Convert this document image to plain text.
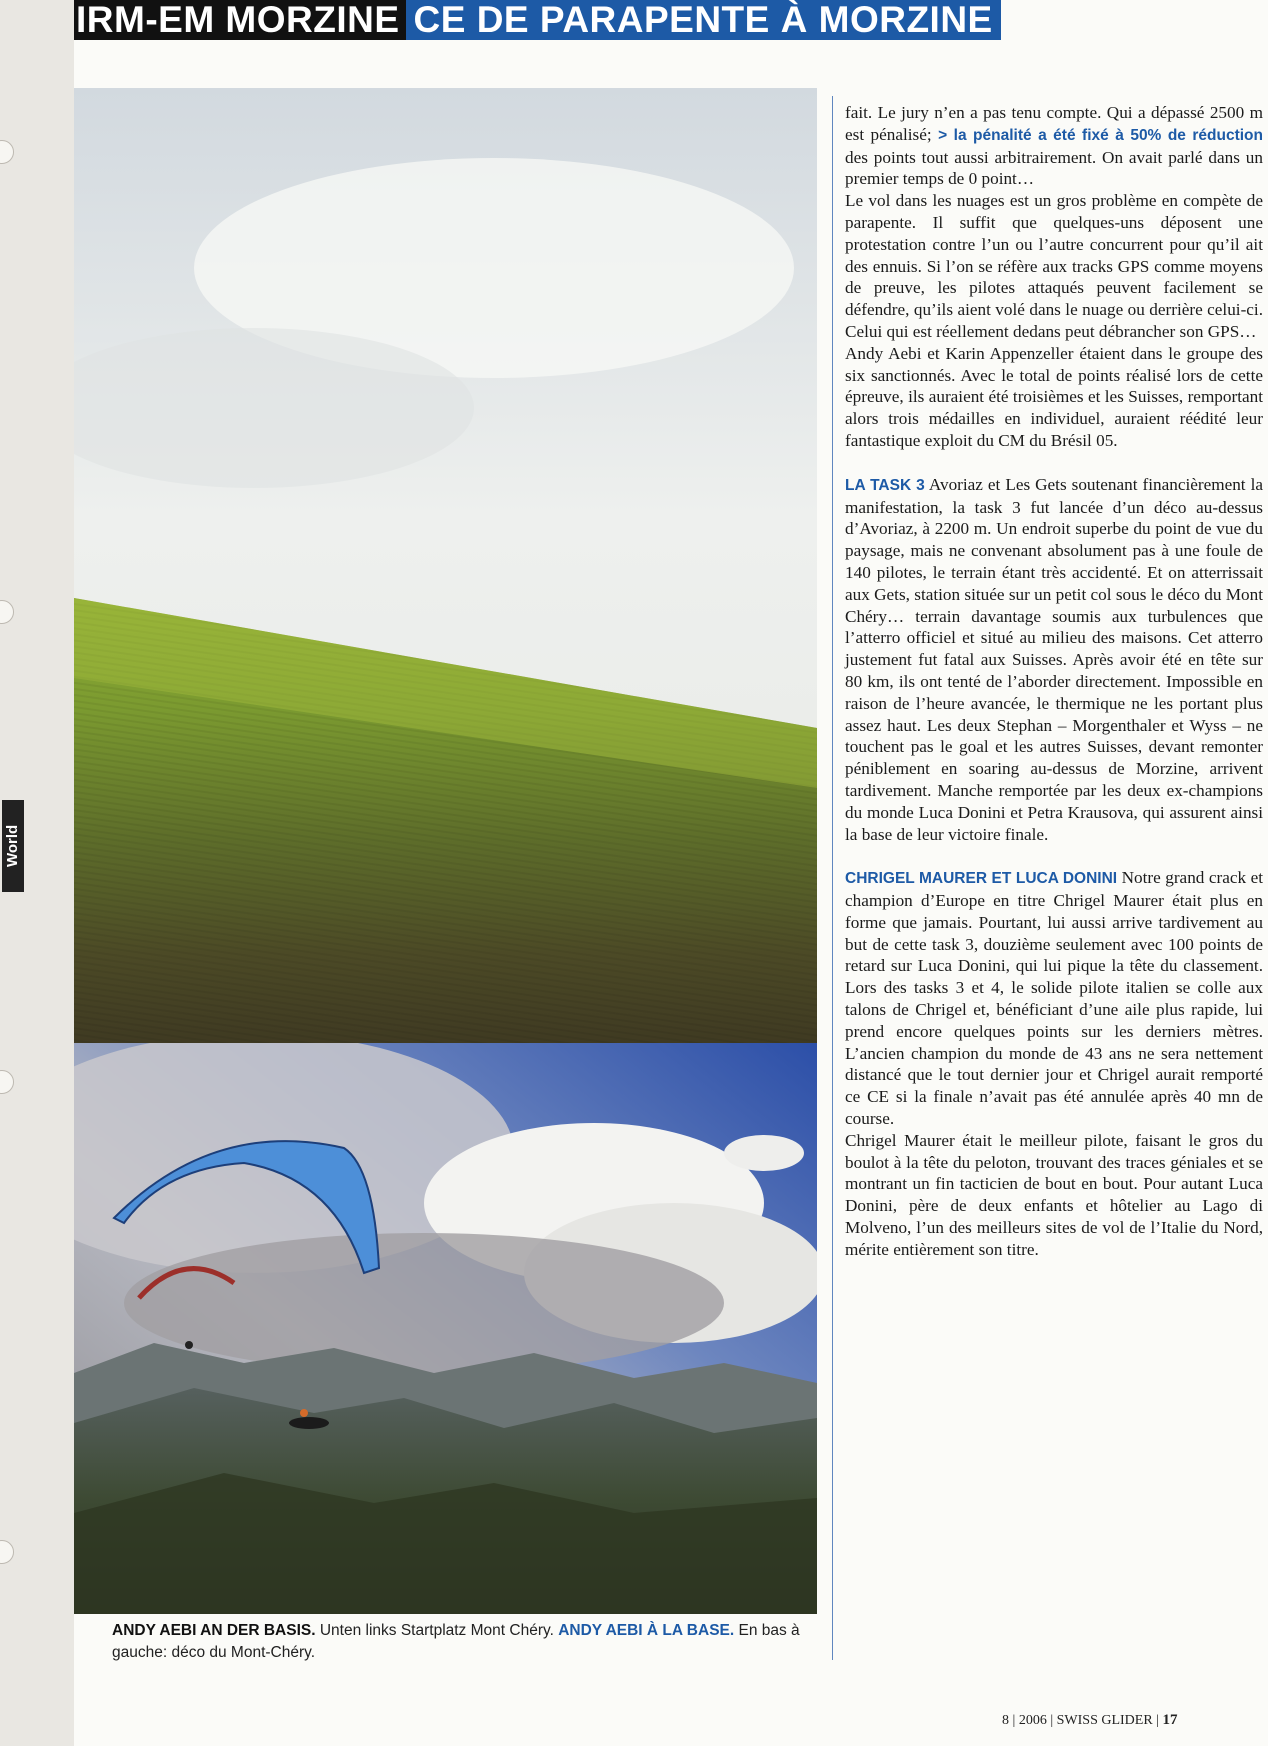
World
IRM-EM MORZINE CE DE PARAPENTE À MORZINE
ANDY AEBI AN DER BASIS. Unten links Startplatz Mont Chéry. ANDY AEBI À LA BASE. En bas à gauche: déco du Mont-Chéry.

fait. Le jury n’en a pas tenu compte. Qui a dépassé 2500 m est pénalisé; > la pénalité a été fixé à 50% de réduction des points tout aussi arbitrairement. On avait parlé dans un premier temps de 0 point…

Le vol dans les nuages est un gros problème en compète de parapente. Il suffit que quelques-uns déposent une protestation contre l’un ou l’autre concurrent pour qu’il ait des ennuis. Si l’on se réfère aux tracks GPS comme moyens de preuve, les pilotes attaqués peuvent facilement se défendre, qu’ils aient volé dans le nuage ou derrière celui-ci. Celui qui est réellement dedans peut débrancher son GPS…

Andy Aebi et Karin Appenzeller étaient dans le groupe des six sanctionnés. Avec le total de points réalisé lors de cette épreuve, ils auraient été troisièmes et les Suisses, remportant alors trois médailles en individuel, auraient réédité leur fantastique exploit du CM du Brésil 05.

LA TASK 3 Avoriaz et Les Gets soutenant financièrement la manifestation, la task 3 fut lancée d’un déco au-dessus d’Avoriaz, à 2200 m. Un endroit superbe du point de vue du paysage, mais ne convenant absolument pas à une foule de 140 pilotes, le terrain étant très accidenté. Et on atterrissait aux Gets, station située sur un petit col sous le déco du Mont Chéry… terrain davantage soumis aux turbulences que l’atterro officiel et situé au milieu des maisons. Cet atterro justement fut fatal aux Suisses. Après avoir été en tête sur 80 km, ils ont tenté de l’aborder directement. Impossible en raison de l’heure avancée, le thermique ne les portant plus assez haut. Les deux Stephan – Morgenthaler et Wyss – ne touchent pas le goal et les autres Suisses, devant remonter péniblement en soaring au-dessus de Morzine, arrivent tardivement. Manche remportée par les deux ex-champions du monde Luca Donini et Petra Krausova, qui assurent ainsi la base de leur victoire finale.

CHRIGEL MAURER ET LUCA DONINI Notre grand crack et champion d’Europe en titre Chrigel Maurer était plus en forme que jamais. Pourtant, lui aussi arrive tardivement au but de cette task 3, douzième seulement avec 100 points de retard sur Luca Donini, qui lui pique la tête du classement. Lors des tasks 3 et 4, le solide pilote italien se colle aux talons de Chrigel et, bénéficiant d’une aile plus rapide, lui prend encore quelques points sur les derniers mètres. L’ancien champion du monde de 43 ans ne sera nettement distancé que le tout dernier jour et Chrigel aurait remporté ce CE si la finale n’avait pas été annulée après 40 mn de course.

Chrigel Maurer était le meilleur pilote, faisant le gros du boulot à la tête du peloton, trouvant des traces géniales et se montrant un fin tacticien de bout en bout. Pour autant Luca Donini, père de deux enfants et hôtelier au Lago di Molveno, l’un des meilleurs sites de vol de l’Italie du Nord, mérite entièrement son titre.

8 | 2006 | SWISS GLIDER | 17
